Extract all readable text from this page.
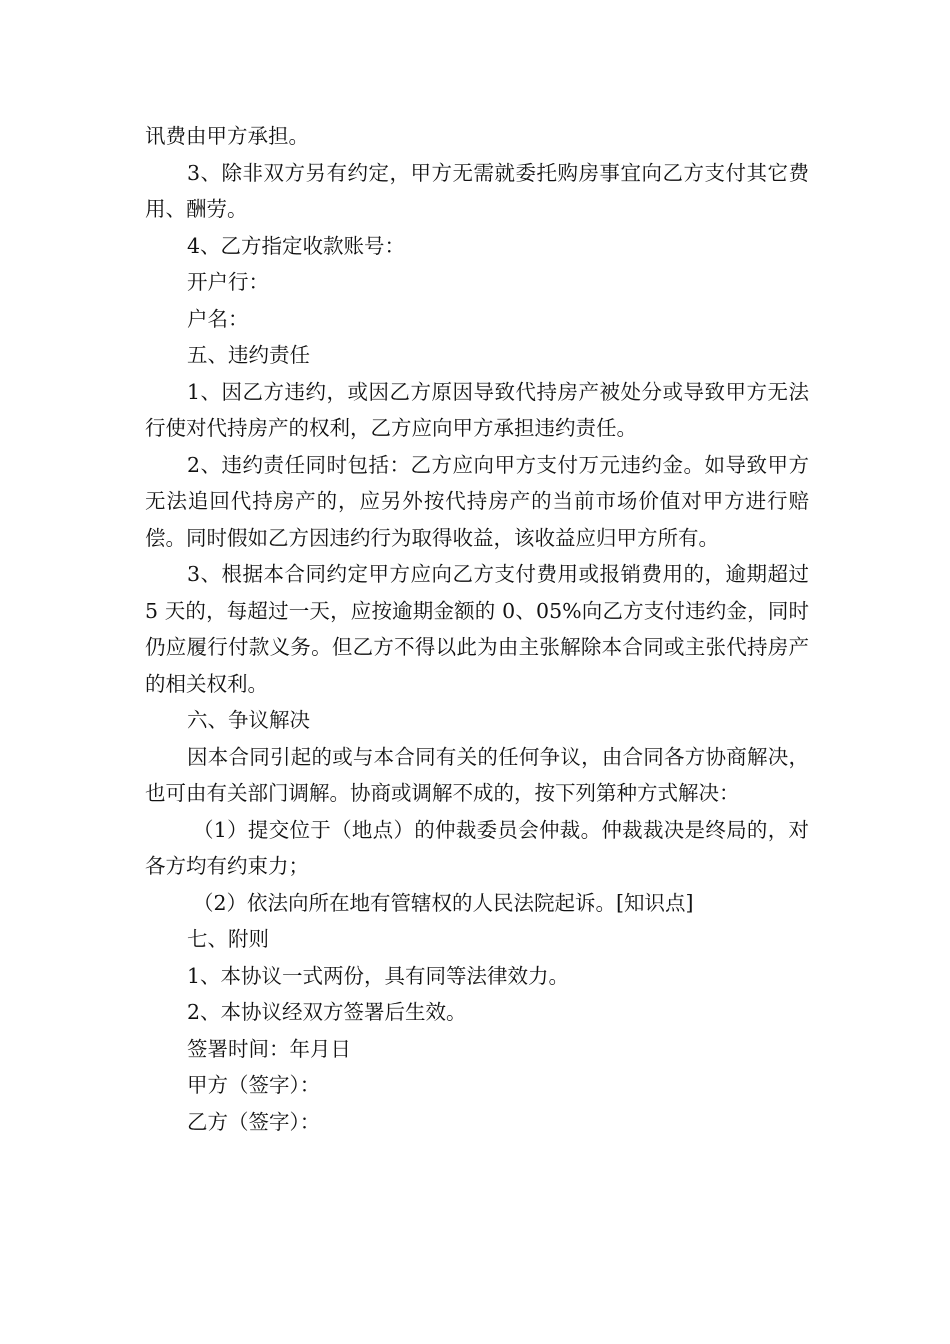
讯费由甲方承担。

3、除非双方另有约定，甲方无需就委托购房事宜向乙方支付其它费用、酬劳。

4、乙方指定收款账号：

开户行：

户名：

五、违约责任

1、因乙方违约，或因乙方原因导致代持房产被处分或导致甲方无法行使对代持房产的权利，乙方应向甲方承担违约责任。

2、违约责任同时包括：乙方应向甲方支付万元违约金。如导致甲方无法追回代持房产的，应另外按代持房产的当前市场价值对甲方进行赔偿。同时假如乙方因违约行为取得收益，该收益应归甲方所有。

3、根据本合同约定甲方应向乙方支付费用或报销费用的，逾期超过 5 天的，每超过一天，应按逾期金额的 0、05%向乙方支付违约金，同时仍应履行付款义务。但乙方不得以此为由主张解除本合同或主张代持房产的相关权利。

六、争议解决

因本合同引起的或与本合同有关的任何争议，由合同各方协商解决，也可由有关部门调解。协商或调解不成的，按下列第种方式解决：

（1）提交位于（地点）的仲裁委员会仲裁。仲裁裁决是终局的，对各方均有约束力；

（2）依法向所在地有管辖权的人民法院起诉。[知识点]

七、附则

1、本协议一式两份，具有同等法律效力。

2、本协议经双方签署后生效。

签署时间：年月日

甲方（签字）：

乙方（签字）：
